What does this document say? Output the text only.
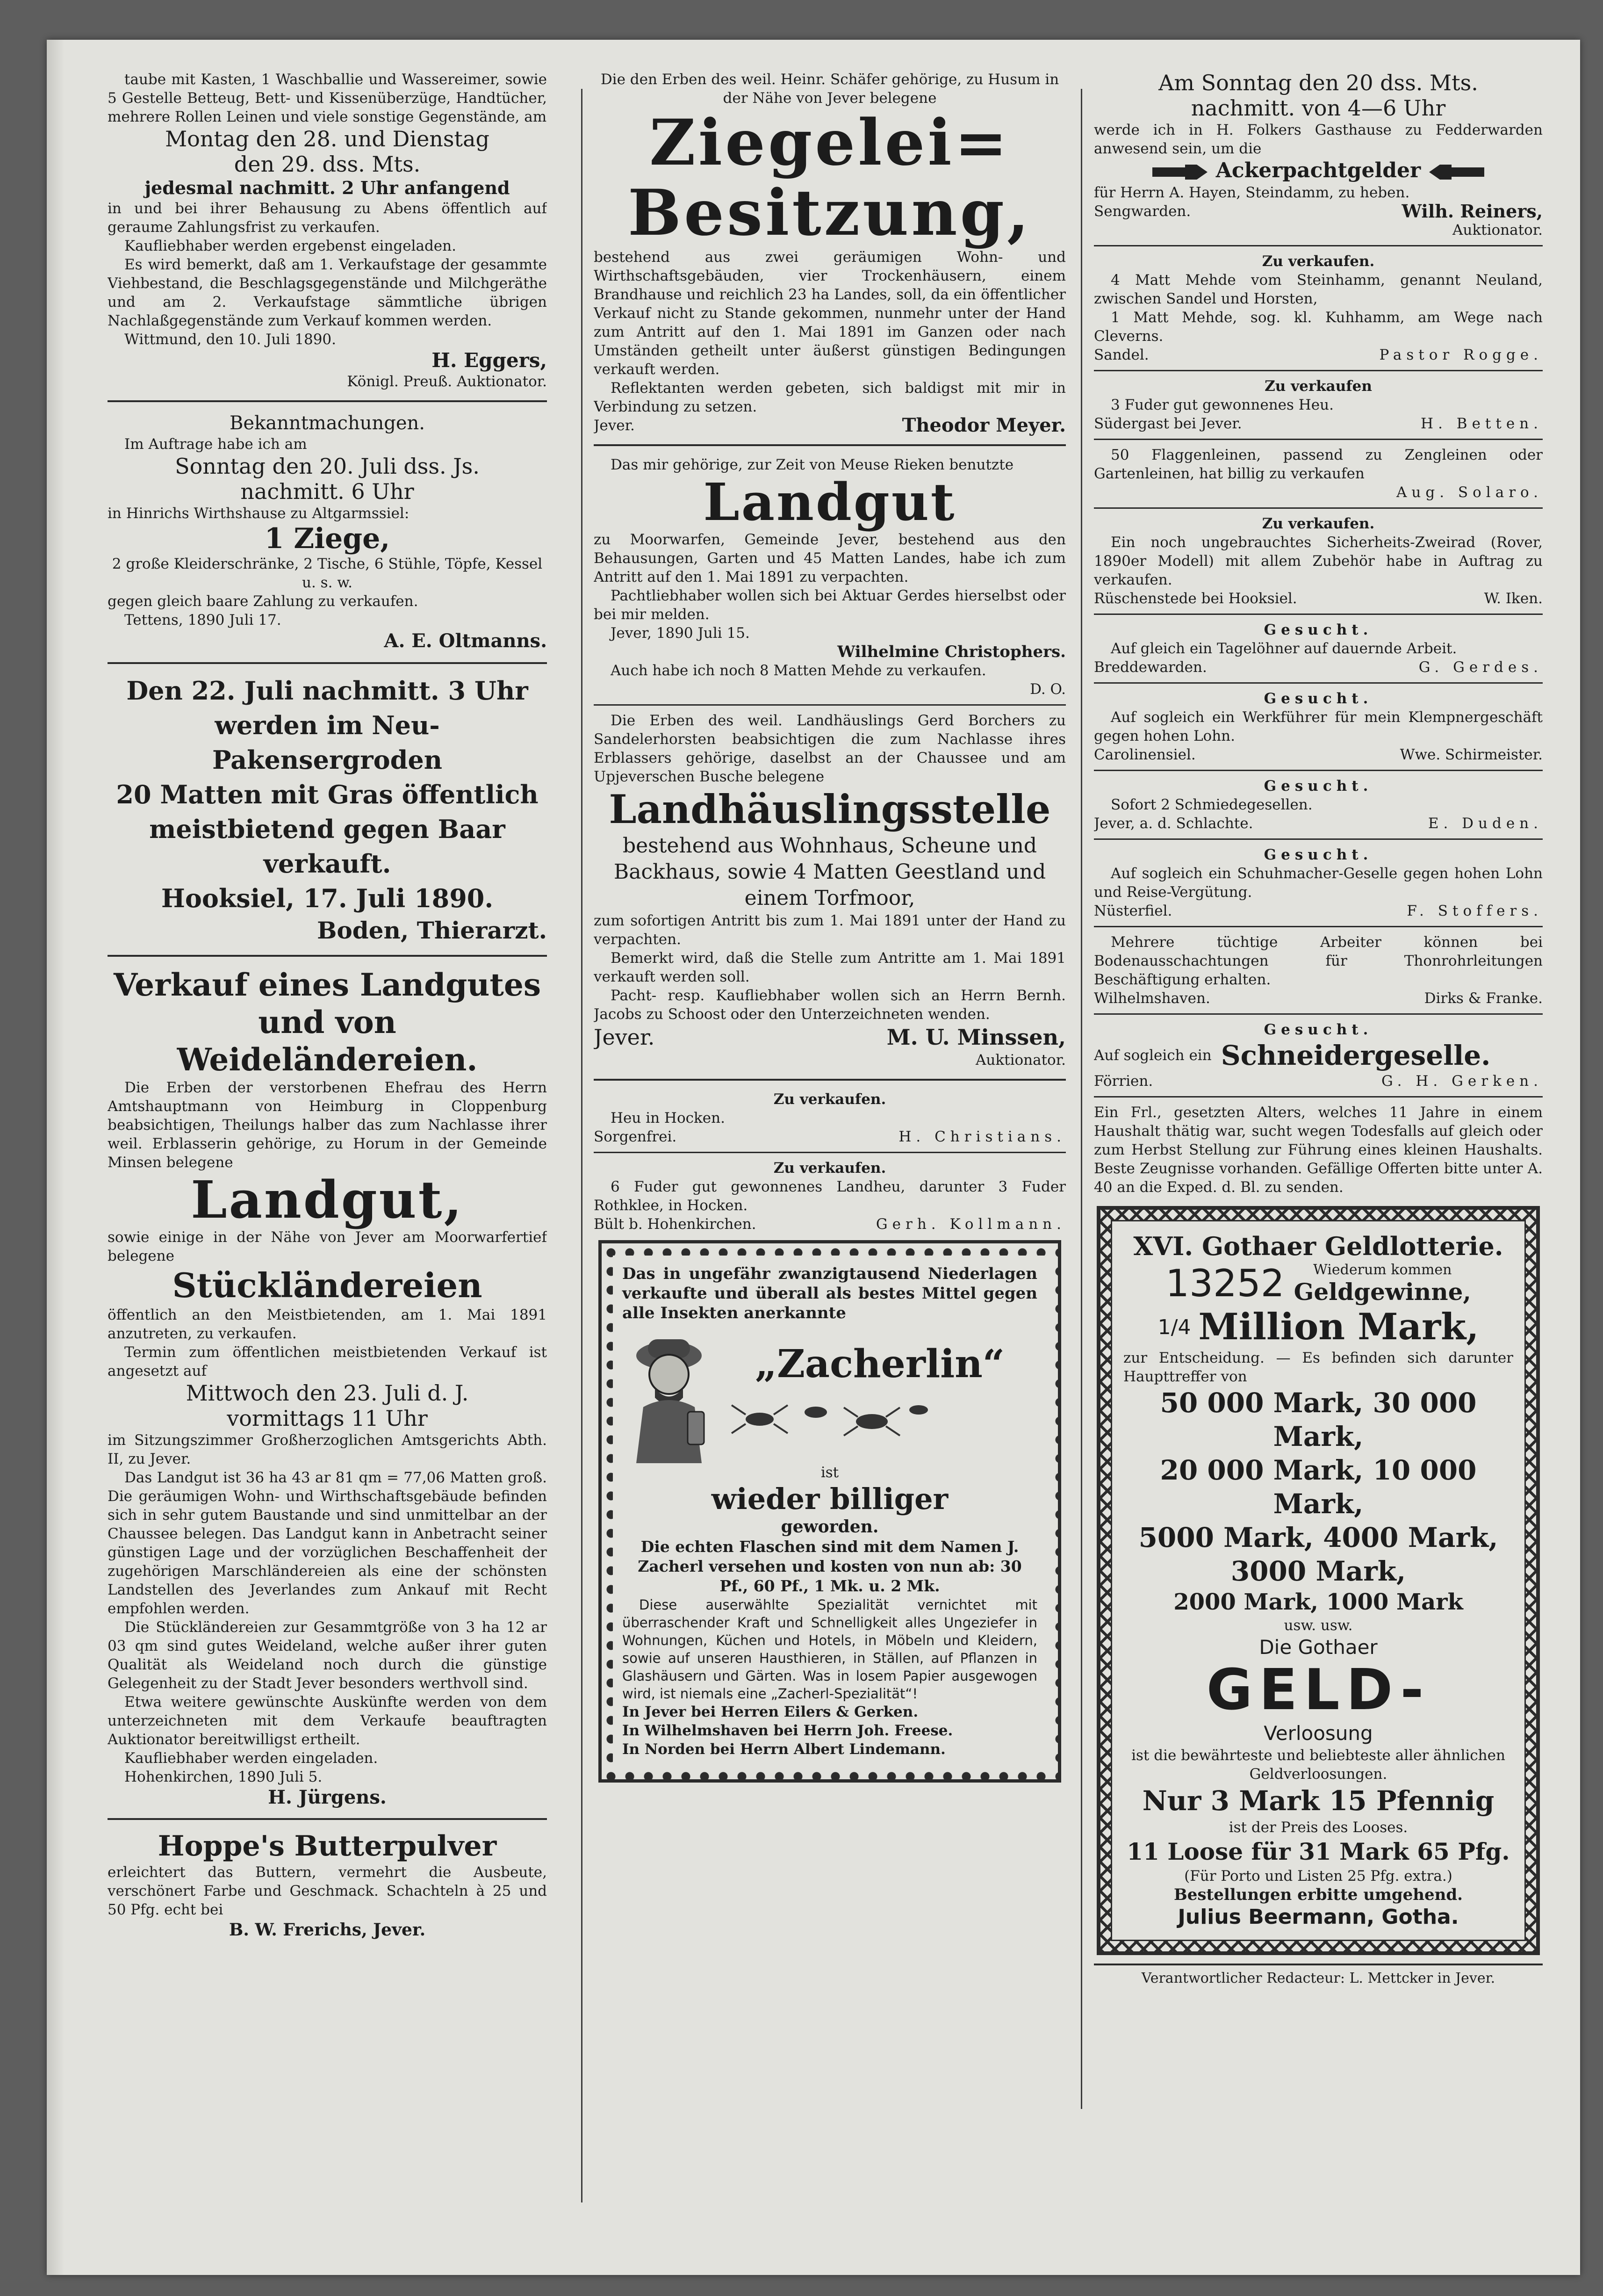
taube mit Kasten, 1 Waschballie und Wassereimer, sowie 5 Gestelle Betteug, Bett- und Kissenüberzüge, Handtücher, mehrere Rollen Leinen und viele sonstige Gegenstände, am

Montag den 28. und Dienstag

den 29. dss. Mts.

jedesmal nachmitt. 2 Uhr anfangend

in und bei ihrer Behausung zu Abens öffentlich auf geraume Zahlungsfrist zu verkaufen.

Kaufliebhaber werden ergebenst eingeladen.

Es wird bemerkt, daß am 1. Verkaufstage der gesammte Viehbestand, die Beschlagsgegenstände und Milchgeräthe und am 2. Verkaufstage sämmtliche übrigen Nachlaßgegenstände zum Verkauf kommen werden.

Wittmund, den 10. Juli 1890.

H. Eggers,

Königl. Preuß. Auktionator.

Bekanntmachungen.

Im Auftrage habe ich am

Sonntag den 20. Juli dss. Js.

nachmitt. 6 Uhr

in Hinrichs Wirthshause zu Altgarmssiel:

1 Ziege,

2 große Kleiderschränke, 2 Tische, 6 Stühle, Töpfe, Kessel u. s. w.

gegen gleich baare Zahlung zu verkaufen.

Tettens, 1890 Juli 17.

A. E. Oltmanns.

Den 22. Juli nachmitt. 3 Uhr

werden im Neu-Pakensergroden

20 Matten mit Gras öffentlich

meistbietend gegen Baar verkauft.

Hooksiel, 17. Juli 1890.

Boden, Thierarzt.

Verkauf eines Landgutes

und von Weideländereien.

Die Erben der verstorbenen Ehefrau des Herrn Amtshauptmann von Heimburg in Cloppenburg beabsichtigen, Theilungs halber das zum Nachlasse ihrer weil. Erblasserin gehörige, zu Horum in der Gemeinde Minsen belegene

Landgut,

sowie einige in der Nähe von Jever am Moorwarfertief belegene

Stückländereien

öffentlich an den Meistbietenden, am 1. Mai 1891 anzutreten, zu verkaufen.

Termin zum öffentlichen meistbietenden Verkauf ist angesetzt auf

Mittwoch den 23. Juli d. J.

vormittags 11 Uhr

im Sitzungszimmer Großherzoglichen Amtsgerichts Abth. II, zu Jever.

Das Landgut ist 36 ha 43 ar 81 qm = 77,06 Matten groß. Die geräumigen Wohn- und Wirthschaftsgebäude befinden sich in sehr gutem Baustande und sind unmittelbar an der Chaussee belegen. Das Landgut kann in Anbetracht seiner günstigen Lage und der vorzüglichen Beschaffenheit der zugehörigen Marschländereien als eine der schönsten Landstellen des Jeverlandes zum Ankauf mit Recht empfohlen werden.

Die Stückländereien zur Gesammtgröße von 3 ha 12 ar 03 qm sind gutes Weideland, welche außer ihrer guten Qualität als Weideland noch durch die günstige Gelegenheit zu der Stadt Jever besonders werthvoll sind.

Etwa weitere gewünschte Auskünfte werden von dem unterzeichneten mit dem Verkaufe beauftragten Auktionator bereitwilligst ertheilt.

Kaufliebhaber werden eingeladen.

Hohenkirchen, 1890 Juli 5.

H. Jürgens.

Hoppe's Butterpulver

erleichtert das Buttern, vermehrt die Ausbeute, verschönert Farbe und Geschmack. Schachteln à 25 und 50 Pfg. echt bei

B. W. Frerichs, Jever.

Die den Erben des weil. Heinr. Schäfer gehörige, zu Husum in der Nähe von Jever belegene

Ziegelei=

Besitzung,

bestehend aus zwei geräumigen Wohn- und Wirthschaftsgebäuden, vier Trockenhäusern, einem Brandhause und reichlich 23 ha Landes, soll, da ein öffentlicher Verkauf nicht zu Stande gekommen, nunmehr unter der Hand zum Antritt auf den 1. Mai 1891 im Ganzen oder nach Umständen getheilt unter äußerst günstigen Bedingungen verkauft werden.

Reflektanten werden gebeten, sich baldigst mit mir in Verbindung zu setzen.

Jever.	Theodor Meyer.

Das mir gehörige, zur Zeit von Meuse Rieken benutzte

Landgut

zu Moorwarfen, Gemeinde Jever, bestehend aus den Behausungen, Garten und 45 Matten Landes, habe ich zum Antritt auf den 1. Mai 1891 zu verpachten.

Pachtliebhaber wollen sich bei Aktuar Gerdes hierselbst oder bei mir melden.

Jever, 1890 Juli 15.

Wilhelmine Christophers.

Auch habe ich noch 8 Matten Mehde zu verkaufen.

D. O.

Die Erben des weil. Landhäuslings Gerd Borchers zu Sandelerhorsten beabsichtigen die zum Nachlasse ihres Erblassers gehörige, daselbst an der Chaussee und am Upjeverschen Busche belegene

Landhäuslingsstelle

bestehend aus Wohnhaus, Scheune und Backhaus, sowie 4 Matten Geestland und einem Torfmoor,

zum sofortigen Antritt bis zum 1. Mai 1891 unter der Hand zu verpachten.

Bemerkt wird, daß die Stelle zum Antritte am 1. Mai 1891 verkauft werden soll.

Pacht- resp. Kaufliebhaber wollen sich an Herrn Bernh. Jacobs zu Schoost oder den Unterzeichneten wenden.

Jever.	M. U. Minssen,

Auktionator.

Zu verkaufen.

Heu in Hocken.

Sorgenfrei.	H. Christians.

Zu verkaufen.

6 Fuder gut gewonnenes Landheu, darunter 3 Fuder Rothklee, in Hocken.

Bült b. Hohenkirchen.	Gerh. Kollmann.

Das in ungefähr zwanzigtausend Niederlagen verkaufte und überall als bestes Mittel gegen alle Insekten anerkannte

„Zacherlin“

ist

wieder billiger

geworden.

Die echten Flaschen sind mit dem Namen J. Zacherl versehen und kosten von nun ab: 30 Pf., 60 Pf., 1 Mk. u. 2 Mk.

Diese auserwählte Spezialität vernichtet mit überraschender Kraft und Schnelligkeit alles Ungeziefer in Wohnungen, Küchen und Hotels, in Möbeln und Kleidern, sowie auf unseren Hausthieren, in Ställen, auf Pflanzen in Glashäusern und Gärten. Was in losem Papier ausgewogen wird, ist niemals eine „Zacherl-Spezialität“!

In Jever bei Herren Eilers & Gerken.

In Wilhelmshaven bei Herrn Joh. Freese.

In Norden bei Herrn Albert Lindemann.

Am Sonntag den 20 dss. Mts.

nachmitt. von 4—6 Uhr

werde ich in H. Folkers Gasthause zu Fedderwarden anwesend sein, um die

Ackerpachtgelder

für Herrn A. Hayen, Steindamm, zu heben.

Sengwarden.	Wilh. Reiners,

Auktionator.

Zu verkaufen.

4 Matt Mehde vom Steinhamm, genannt Neuland, zwischen Sandel und Horsten,

1 Matt Mehde, sog. kl. Kuhhamm, am Wege nach Cleverns.

Sandel.	Pastor Rogge.

Zu verkaufen

3 Fuder gut gewonnenes Heu.

Südergast bei Jever.	H. Betten.

50 Flaggenleinen, passend zu Zengleinen oder Gartenleinen, hat billig zu verkaufen

Aug. Solaro.

Zu verkaufen.

Ein noch ungebrauchtes Sicherheits-Zweirad (Rover, 1890er Modell) mit allem Zubehör habe in Auftrag zu verkaufen.

Rüschenstede bei Hooksiel.	W. Iken.

Gesucht.

Auf gleich ein Tagelöhner auf dauernde Arbeit.

Breddewarden.	G. Gerdes.

Gesucht.

Auf sogleich ein Werkführer für mein Klempnergeschäft gegen hohen Lohn.

Carolinensiel.	Wwe. Schirmeister.

Gesucht.

Sofort 2 Schmiedegesellen.

Jever, a. d. Schlachte.	E. Duden.

Gesucht.

Auf sogleich ein Schuhmacher-Geselle gegen hohen Lohn und Reise-Vergütung.

Nüsterfiel.	F. Stoffers.

Mehrere tüchtige Arbeiter können bei Bodenausschachtungen für Thonrohrleitungen Beschäftigung erhalten.

Wilhelmshaven.	Dirks & Franke.

Gesucht.

Auf sogleich ein Schneidergeselle.

Förrien.	G. H. Gerken.

Ein Frl., gesetzten Alters, welches 11 Jahre in einem Haushalt thätig war, sucht wegen Todesfalls auf gleich oder zum Herbst Stellung zur Führung eines kleinen Haushalts. Beste Zeugnisse vorhanden. Gefällige Offerten bitte unter A. 40 an die Exped. d. Bl. zu senden.

XVI. Gothaer Geldlotterie.

13252 Wiederum kommen
Geldgewinne,
1/4 Million Mark,

zur Entscheidung. — Es befinden sich darunter Haupttreffer von

50 000 Mark, 30 000 Mark,

20 000 Mark, 10 000 Mark,

5000 Mark, 4000 Mark,

3000 Mark,

2000 Mark, 1000 Mark

usw. usw.

Die Gothaer

GELD-

Verloosung

ist die bewährteste und beliebteste aller ähnlichen Geldverloosungen.

Nur 3 Mark 15 Pfennig

ist der Preis des Looses.

11 Loose für 31 Mark 65 Pfg.

(Für Porto und Listen 25 Pfg. extra.)

Bestellungen erbitte umgehend.

Julius Beermann, Gotha.

Verantwortlicher Redacteur: L. Mettcker in Jever.
